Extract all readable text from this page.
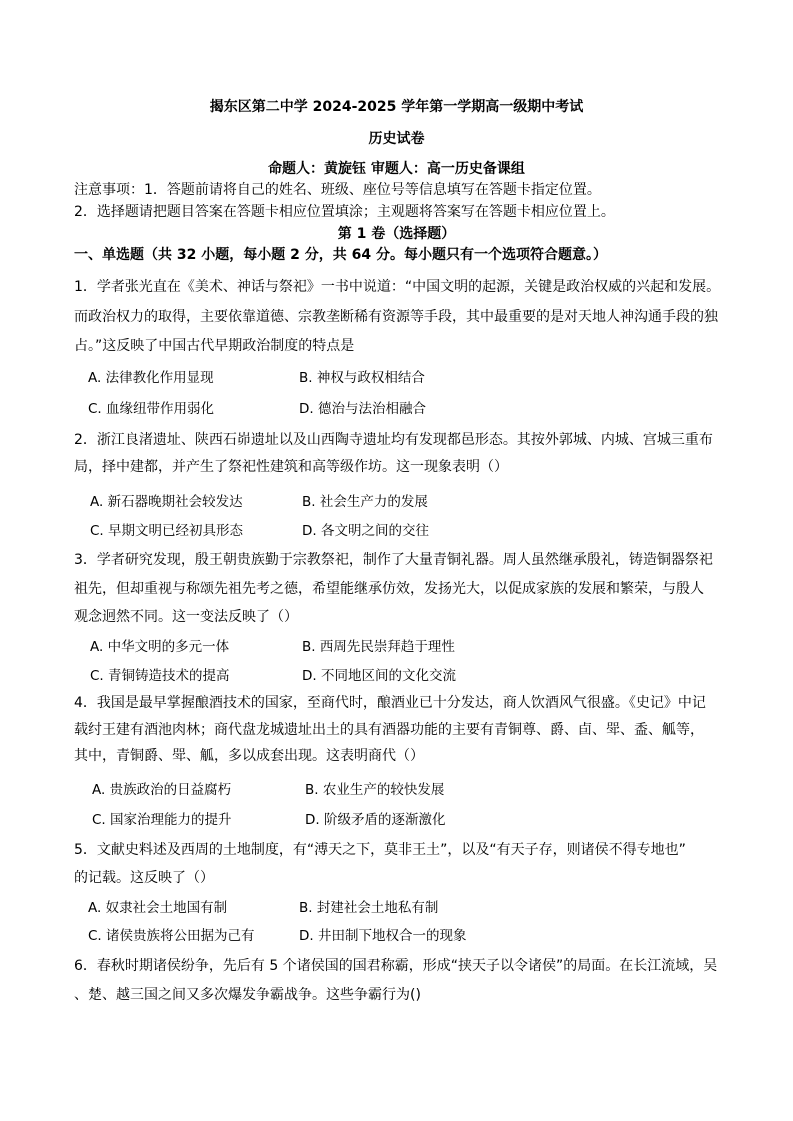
揭东区第二中学 2024-2025 学年第一学期高一级期中考试
历史试卷
命题人：黄旋钰 审题人：高一历史备课组
注意事项：1．答题前请将自己的姓名、班级、座位号等信息填写在答题卡指定位置。
2．选择题请把题目答案在答题卡相应位置填涂；主观题将答案写在答题卡相应位置上。
第 1 卷（选择题）
一、单选题（共 32 小题，每小题 2 分，共 64 分。每小题只有一个选项符合题意。）
1．学者张光直在《美术、神话与祭祀》一书中说道：“中国文明的起源，关键是政治权威的兴起和发展。
而政治权力的取得，主要依靠道德、宗教垄断稀有资源等手段，其中最重要的是对天地人神沟通手段的独
占。”这反映了中国古代早期政治制度的特点是
A. 法律教化作用显现	B. 神权与政权相结合
C. 血缘纽带作用弱化	D. 德治与法治相融合
2．浙江良渚遗址、陕西石峁遗址以及山西陶寺遗址均有发现都邑形态。其按外郭城、内城、宫城三重布
局，择中建都，并产生了祭祀性建筑和高等级作坊。这一现象表明（）
A. 新石器晚期社会较发达	B. 社会生产力的发展
C. 早期文明已经初具形态	D. 各文明之间的交往
3．学者研究发现，殷王朝贵族勤于宗教祭祀，制作了大量青铜礼器。周人虽然继承殷礼，铸造铜器祭祀
祖先，但却重视与称颂先祖先考之德，希望能继承仿效，发扬光大，以促成家族的发展和繁荣，与殷人
观念迥然不同。这一变法反映了（）
A. 中华文明的多元一体	B. 西周先民崇拜趋于理性
C. 青铜铸造技术的提高	D. 不同地区间的文化交流
4．我国是最早掌握酿酒技术的国家，至商代时，酿酒业已十分发达，商人饮酒风气很盛。《史记》中记
载纣王建有酒池肉林；商代盘龙城遗址出土的具有酒器功能的主要有青铜尊、爵、卣、斝、盉、觚等，
其中，青铜爵、斝、觚，多以成套出现。这表明商代（）
A. 贵族政治的日益腐朽	B. 农业生产的较快发展
C. 国家治理能力的提升	D. 阶级矛盾的逐渐激化
5．文献史料述及西周的土地制度，有“溥天之下，莫非王土”，以及“有天子存，则诸侯不得专地也”
的记载。这反映了（）
A. 奴隶社会土地国有制	B. 封建社会土地私有制
C. 诸侯贵族将公田据为己有	D. 井田制下地权合一的现象
6．春秋时期诸侯纷争，先后有 5 个诸侯国的国君称霸，形成“挟天子以令诸侯”的局面。在长江流域，吴
、楚、越三国之间又多次爆发争霸战争。这些争霸行为()
